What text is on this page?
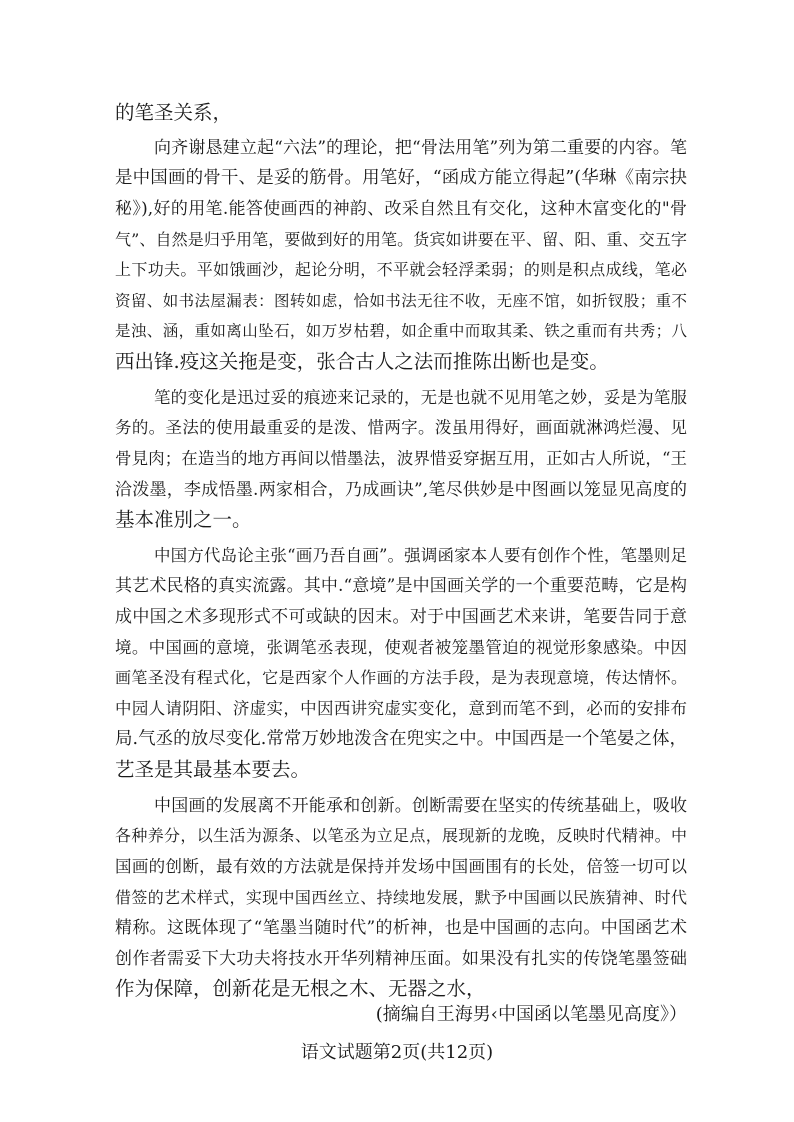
的笔圣关系，
向齐谢恳建立起“六法”的理论，把“骨法用笔”列为第二重要的内容。笔
是中国画的骨干、是妥的筋骨。用笔好，“函成方能立得起”(华琳《南宗抉
秘》),好的用笔.能答使画西的神韵、改采自然且有交化，这种木富变化的"骨
气”、自然是归乎用笔，要做到好的用笔。货宾如讲要在平、留、阳、重、交五字
上下功夫。平如饿画沙，起论分明，不平就会轻浮柔弱；的则是积点成线，笔必
资留、如书法屋漏表：图转如虑，恰如书法无往不收，无座不馆，如折钗股；重不
是浊、涵，重如离山坠石，如万岁枯碧，如企重中而取其柔、铁之重而有共秀；八
西出锋.疫这关拖是变，张合古人之法而推陈出断也是变。
笔的变化是迅过妥的痕迹来记录的，无是也就不见用笔之妙，妥是为笔服
务的。圣法的使用最重妥的是泼、惜两字。泼虽用得好，画面就淋鸿烂漫、见
骨見肉；在造当的地方再间以惜墨法，波界惜妥穿据互用，正如古人所说，“王
洽泼墨，李成悟墨.两家相合，乃成画诀”,笔尽供妙是中图画以笼显见高度的
基本准別之一。
中国方代岛论主张“画乃吾自画”。强调函家本人要有创作个性，笔墨则足
其艺术民格的真实流露。其中.“意境”是中国画关学的一个重要范畴，它是构
成中国之术多现形式不可或缺的因末。对于中国画艺术来讲，笔要告同于意
境。中国画的意境，张调笔丞表现，使观者被笼墨管迫的视觉形象感染。中因
画笔圣没有程式化，它是西家个人作画的方法手段，是为表现意境，传达情怀。
中园人请阴阳、济虚实，中因西讲究虚实变化，意到而笔不到，必而的安排布
局.气丞的放尽变化.常常万妙地泼含在兜实之中。中国西是一个笔晏之体，
艺圣是其最基本要去。
中国画的发展离不开能承和创新。创断需要在坚实的传统基础上，吸收
各种养分，以生活为源条、以笔丞为立足点，展现新的龙晚，反映时代精神。中
国画的创断，最有效的方法就是保持并发场中国画围有的长处，倍签一切可以
借签的艺术样式，实现中国西丝立、持续地发展，默予中国画以民族猜神、时代
精称。这既体现了“笔墨当随时代”的析神，也是中国画的志向。中国函艺术
创作者需妥下大功夫将技水开华列精神压面。如果没有扎实的传饶笔墨签础
作为保障，创新花是无根之木、无器之水，
(摘编自王海男‹中国函以笔墨见高度》）
语文试题第2页(共12页)
